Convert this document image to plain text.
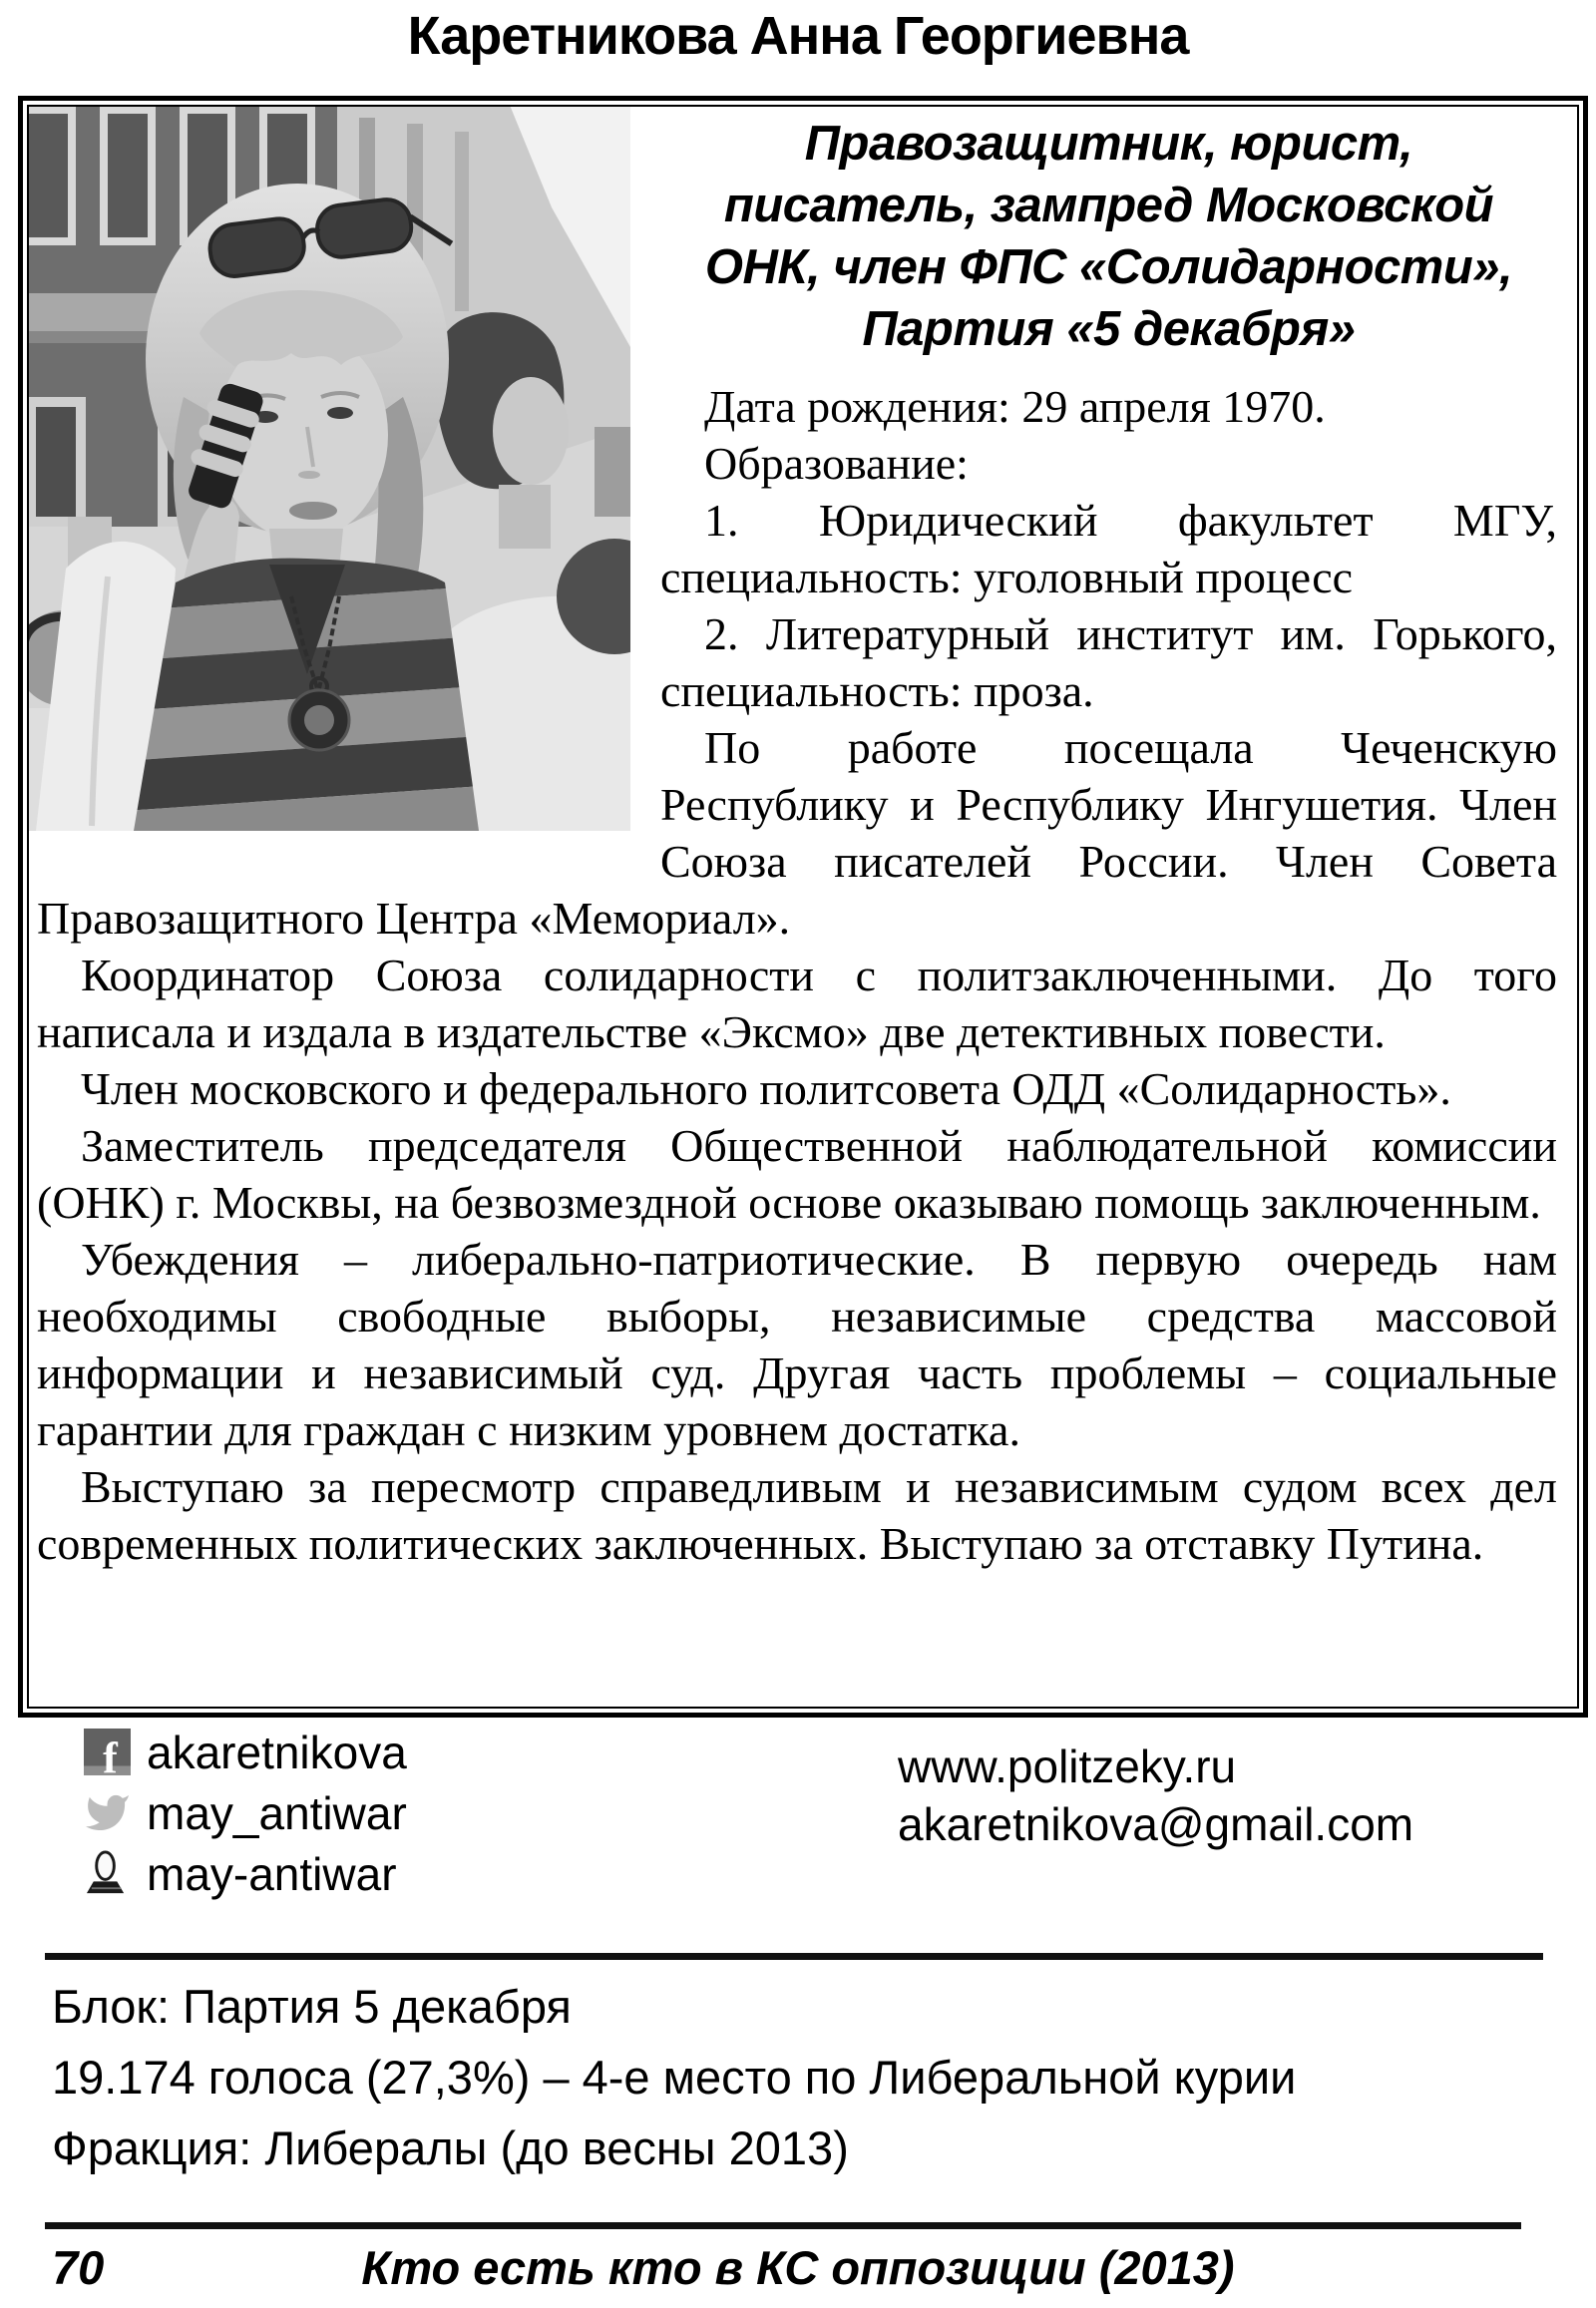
Каретникова Анна Георгиевна
Правозащитник, юрист,
писатель, зампред Московской
ОНК, член ФПС «Солидарности»,
Партия «5 декабря»

Дата рождения: 29 апреля 1970.

Образование:

1. Юридический факультет МГУ, специальность: уголовный процесс

2. Литературный институт им. Горького, специальность: проза.

По работе посещала Чеченскую Республику и Республику Ингушетия. Член Союза писателей России. Член Совета Правозащитного Центра «Мемориал».

Координатор Союза солидарности с политзаключенными. До того написала и издала в издательстве «Эксмо» две детективных повести.

Член московского и федерального политсовета ОДД «Солидарность».

Заместитель председателя Общественной наблюдательной комиссии (ОНК) г. Москвы, на безвозмездной основе оказываю помощь заключенным.

Убеждения – либерально-патриотические. В первую очередь нам необходимы свободные выборы, независимые средства массовой информации и независимый суд. Другая часть проблемы – социальные гарантии для граждан с низким уровнем достатка.

Выступаю за пересмотр справедливым и независимым судом всех дел современных политических заключенных. Выступаю за отставку Путина.

f akaretnikova
may_antiwar
may-antiwar
www.politzeky.ru
akaretnikova@gmail.com
Блок: Партия 5 декабря
19.174 голоса (27,3%) – 4-е место по Либеральной курии
Фракция: Либералы (до весны 2013)
70	Кто есть кто в КС оппозиции (2013)
